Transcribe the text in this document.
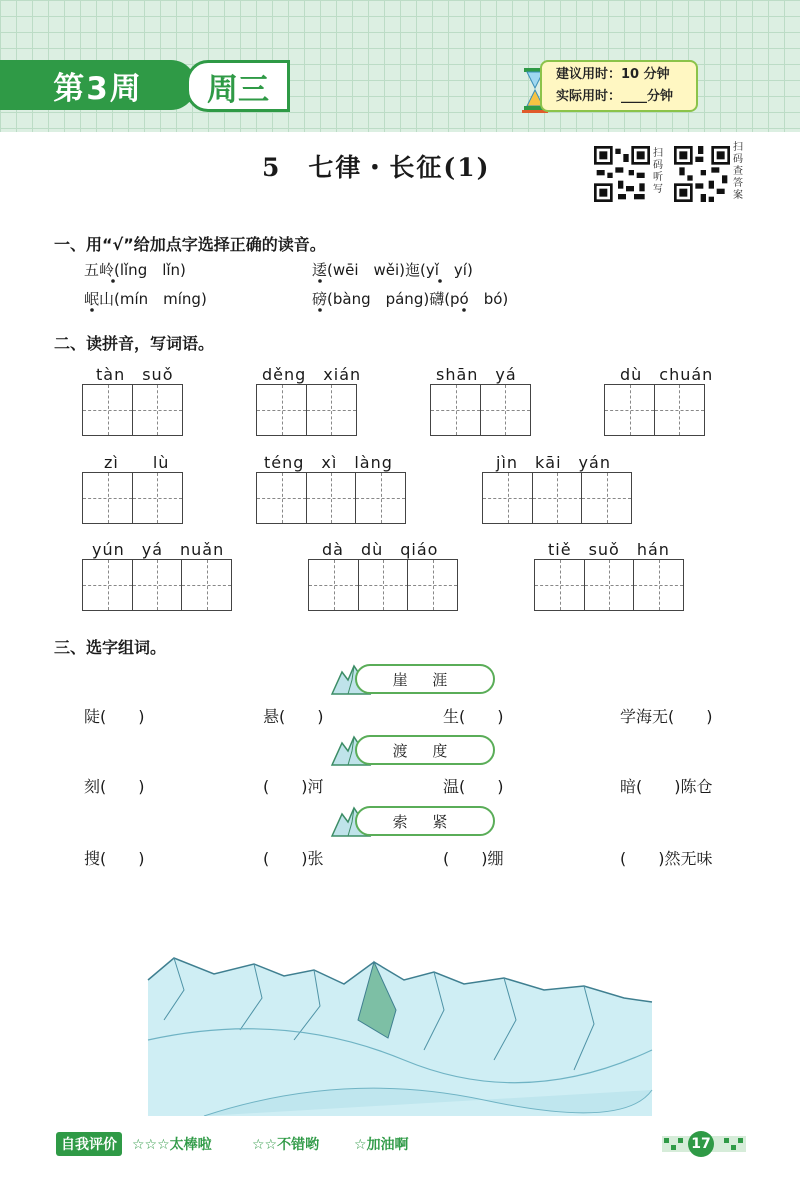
第3周	周三	建议用时：10 分钟
实际用时：____分钟
5　七律・长征(1)	扫码听写
扫码查答案
一、用“√”给加点字选择正确的读音。
五岭(lǐng　lǐn)	逶(wēi　wěi)迤(yǐ　yí)
岷山(mín　míng)	磅(bàng　páng)礴(pó　bó)
二、读拼音，写词语。
tàn　suǒ	děng　xián	shān　yá	dù　chuán
zì　　lù	téng　xì　làng	jìn　kāi　yán
yún　yá　nuǎn	dà　dù　qiáo	tiě　suǒ　hán
三、选字组词。
崖 涯
陡(　　)	悬(　　)	生(　　)	学海无(　　)
渡 度
刻(　　)	(　　)河	温(　　)	暗(　　)陈仓
索 紧
搜(　　)	(　　)张	(　　)绷	(　　)然无味
自我评价	☆☆☆太棒啦	☆☆不错哟 ☆加油啊	17
